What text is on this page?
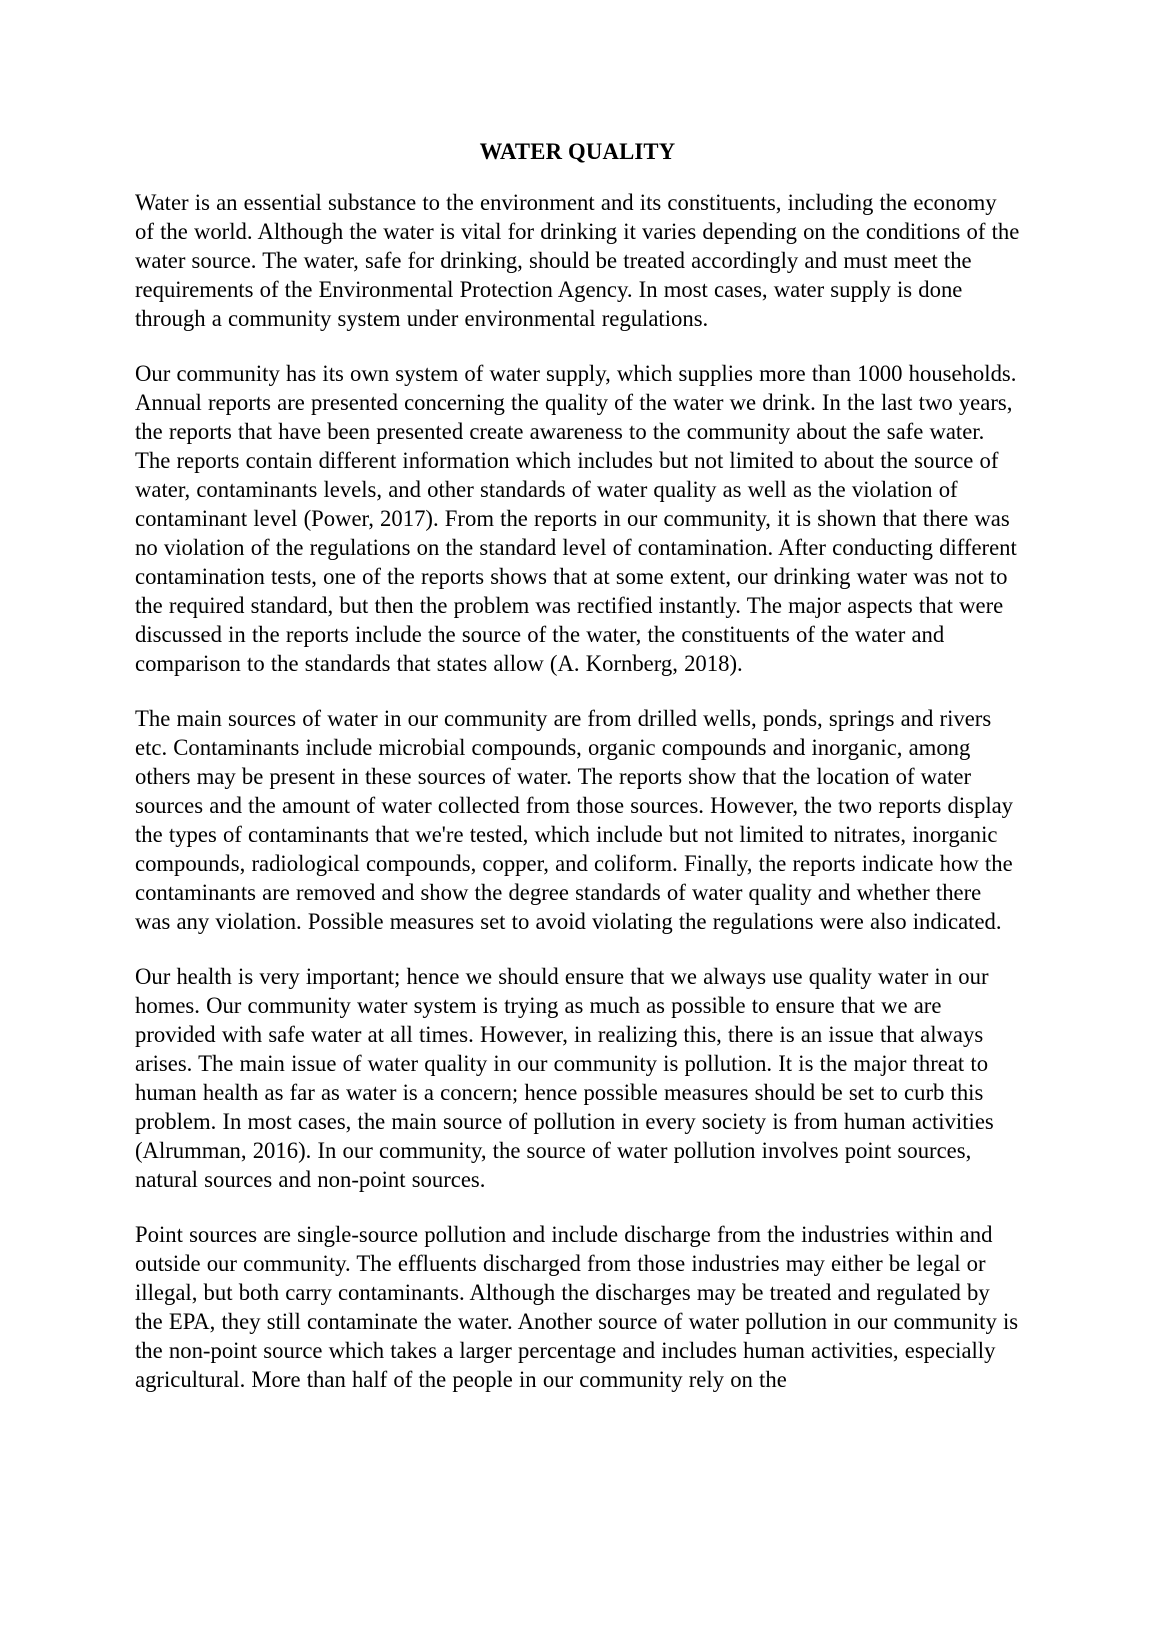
WATER QUALITY

Water is an essential substance to the environment and its constituents, including the economy of the world. Although the water is vital for drinking it varies depending on the conditions of the water source. The water, safe for drinking, should be treated accordingly and must meet the requirements of the Environmental Protection Agency. In most cases, water supply is done through a community system under environmental regulations.

Our community has its own system of water supply, which supplies more than 1000 households. Annual reports are presented concerning the quality of the water we drink. In the last two years, the reports that have been presented create awareness to the community about the safe water. The reports contain different information which includes but not limited to about the source of water, contaminants levels, and other standards of water quality as well as the violation of contaminant level (Power, 2017). From the reports in our community, it is shown that there was no violation of the regulations on the standard level of contamination. After conducting different contamination tests, one of the reports shows that at some extent, our drinking water was not to the required standard, but then the problem was rectified instantly. The major aspects that were discussed in the reports include the source of the water, the constituents of the water and comparison to the standards that states allow (A. Kornberg, 2018).

The main sources of water in our community are from drilled wells, ponds, springs and rivers etc. Contaminants include microbial compounds, organic compounds and inorganic, among others may be present in these sources of water. The reports show that the location of water sources and the amount of water collected from those sources. However, the two reports display the types of contaminants that we're tested, which include but not limited to nitrates, inorganic compounds, radiological compounds, copper, and coliform. Finally, the reports indicate how the contaminants are removed and show the degree standards of water quality and whether there was any violation. Possible measures set to avoid violating the regulations were also indicated.

Our health is very important; hence we should ensure that we always use quality water in our homes. Our community water system is trying as much as possible to ensure that we are provided with safe water at all times. However, in realizing this, there is an issue that always arises. The main issue of water quality in our community is pollution. It is the major threat to human health as far as water is a concern; hence possible measures should be set to curb this problem. In most cases, the main source of pollution in every society is from human activities (Alrumman, 2016). In our community, the source of water pollution involves point sources, natural sources and non-point sources.

Point sources are single-source pollution and include discharge from the industries within and outside our community. The effluents discharged from those industries may either be legal or illegal, but both carry contaminants. Although the discharges may be treated and regulated by the EPA, they still contaminate the water. Another source of water pollution in our community is the non-point source which takes a larger percentage and includes human activities, especially agricultural. More than half of the people in our community rely on the
